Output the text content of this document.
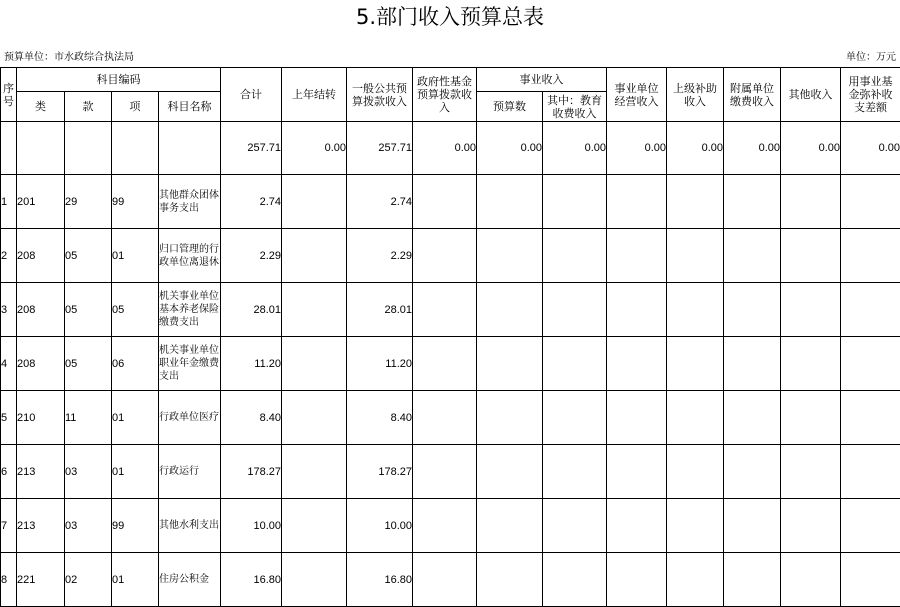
5.部门收入预算总表
预算单位：市水政综合执法局	单位：万元
序号	科目编码				合计	上年结转	一般公共预算拨款收入	政府性基金预算拨款收入	事业收入		事业单位经营收入	上级补助收入	附属单位缴费收入	其他收入	用事业基金弥补收支差额
	类	款	项	科目名称					预算数	其中：教育收费收入					
					257.71	0.00	257.71	0.00	0.00	0.00	0.00	0.00	0.00	0.00	0.00
1	201	29	99	其他群众团体事务支出	2.74		2.74								
2	208	05	01	归口管理的行政单位离退休	2.29		2.29								
3	208	05	05	机关事业单位基本养老保险缴费支出	28.01		28.01								
4	208	05	06	机关事业单位职业年金缴费支出	11.20		11.20								
5	210	11	01	行政单位医疗	8.40		8.40								
6	213	03	01	行政运行	178.27		178.27								
7	213	03	99	其他水利支出	10.00		10.00								
8	221	02	01	住房公积金	16.80		16.80								
